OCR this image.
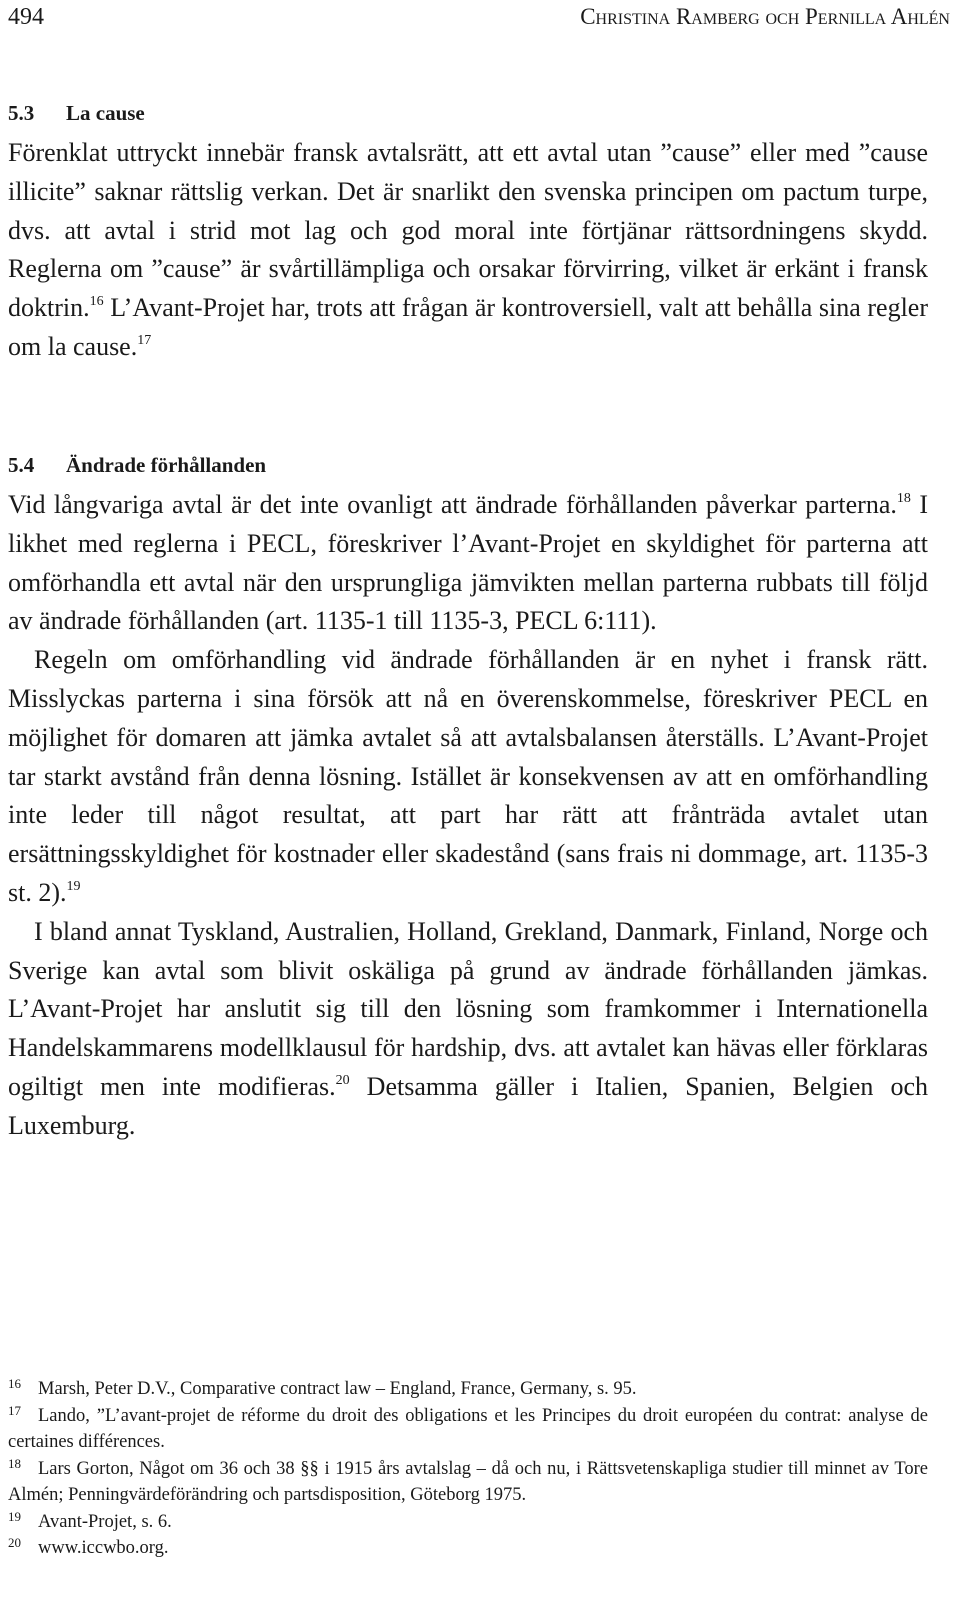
494	Christina Ramberg och Pernilla Ahlén
5.3 La cause

Förenklat uttryckt innebär fransk avtalsrätt, att ett avtal utan ”cause” eller med ”cause illicite” saknar rättslig verkan. Det är snarlikt den svenska principen om pactum turpe, dvs. att avtal i strid mot lag och god moral inte förtjänar rättsordningens skydd. Reglerna om ”cause” är svårtillämpliga och orsakar förvirring, vilket är erkänt i fransk doktrin.$^{16}$ L’Avant-Projet har, trots att frågan är kontroversiell, valt att behålla sina regler om la cause.$^{17}$

5.4 Ändrade förhållanden

Vid långvariga avtal är det inte ovanligt att ändrade förhållanden påverkar parterna.$^{18}$ I likhet med reglerna i PECL, föreskriver l’Avant-Projet en skyldighet för parterna att omförhandla ett avtal när den ursprungliga jämvikten mellan parterna rubbats till följd av ändrade förhållanden (art. 1135-1 till 1135-3, PECL 6:111).

Regeln om omförhandling vid ändrade förhållanden är en nyhet i fransk rätt. Misslyckas parterna i sina försök att nå en överenskommelse, föreskriver PECL en möjlighet för domaren att jämka avtalet så att avtalsbalansen återställs. L’Avant-Projet tar starkt avstånd från denna lösning. Istället är konsekvensen av att en omförhandling inte leder till något resultat, att part har rätt att frånträda avtalet utan ersättningsskyldighet för kostnader eller skadestånd (sans frais ni dommage, art. 1135-3 st. 2).$^{19}$

I bland annat Tyskland, Australien, Holland, Grekland, Danmark, Finland, Norge och Sverige kan avtal som blivit oskäliga på grund av ändrade förhållanden jämkas. L’Avant-Projet har anslutit sig till den lösning som framkommer i Internationella Handelskammarens modellklausul för hardship, dvs. att avtalet kan hävas eller förklaras ogiltigt men inte modifieras.$^{20}$ Detsamma gäller i Italien, Spanien, Belgien och Luxemburg.

16 Marsh, Peter D.V., Comparative contract law – England, France, Germany, s. 95.

17 Lando, ”L’avant-projet de réforme du droit des obligations et les Principes du droit européen du contrat: analyse de certaines différences.

18 Lars Gorton, Något om 36 och 38 §§ i 1915 års avtalslag – då och nu, i Rättsvetenskapliga studier till minnet av Tore Almén; Penningvärdeförändring och partsdisposition, Göteborg 1975.

19 Avant-Projet, s. 6.

20 www.iccwbo.org.
